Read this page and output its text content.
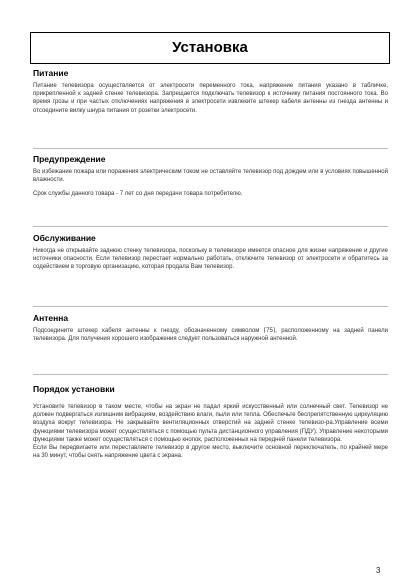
Установка
Питание

Питание телевизора осуществляется от электросети переменного тока, напряжение питания указано в табличке, прикрепленной к задней стенке телевизора. Запрещается подключать телевизор к источнику питания постоянного тока. Во время грозы и при частых отключениях напряжения в электросети извлеките штекер кабеля антенны из гнезда антенны и отсоедините вилку шнура питания от розетки электросети.

Предупреждение

Во избежание пожара или поражения электрическим током не оставляйте телевизор под дождем или в условиях повышенной влажности.

Срок службы данного товара - 7 лет со дня передачи товара потребителю.

Обслуживание

Никогда не открывайте заднюю стенку телевизора, поскольку в телевизоре имеется опасное для жизни напряжение и другие источники опасности. Если телевизор перестает нормально работать, отключите телевизор от электросети и обратитесь за содействием в торговую организацию, которая продала Вам телевизор.

Антенна

Подсоедините штекер кабеля антенны к гнезду, обозначенному символом ⌈75⌉, расположенному на задней панели телевизора. Для получения хорошего изображения следует пользоваться наружной антенной.

Порядок установки

Установите телевизор в таком месте, чтобы на экран не падал яркий искусственный или солнечный свет. Телевизор не должен подвергаться излишним вибрациям, воздействию влаги, пыли или тепла. Обеспечьте беспрепятственную циркуляцию воздуха вокруг телевизора. Не закрывайте вентиляционных отверстий на задней стенке телевизо-ра.Управление всеми функциями телевизора может осуществляться с помощью пульта дистанционного управления (ПДУ). Управление некоторыми функциями также может осуществляться с помощью кнопок, расположенных на передней панели телевизора.

Если Вы передвигаете или переставляете телевизор в другое место, выключите основной переключатель, по крайней мере на 30 минут, чтобы снять напряжение цвета с экрана.

3
